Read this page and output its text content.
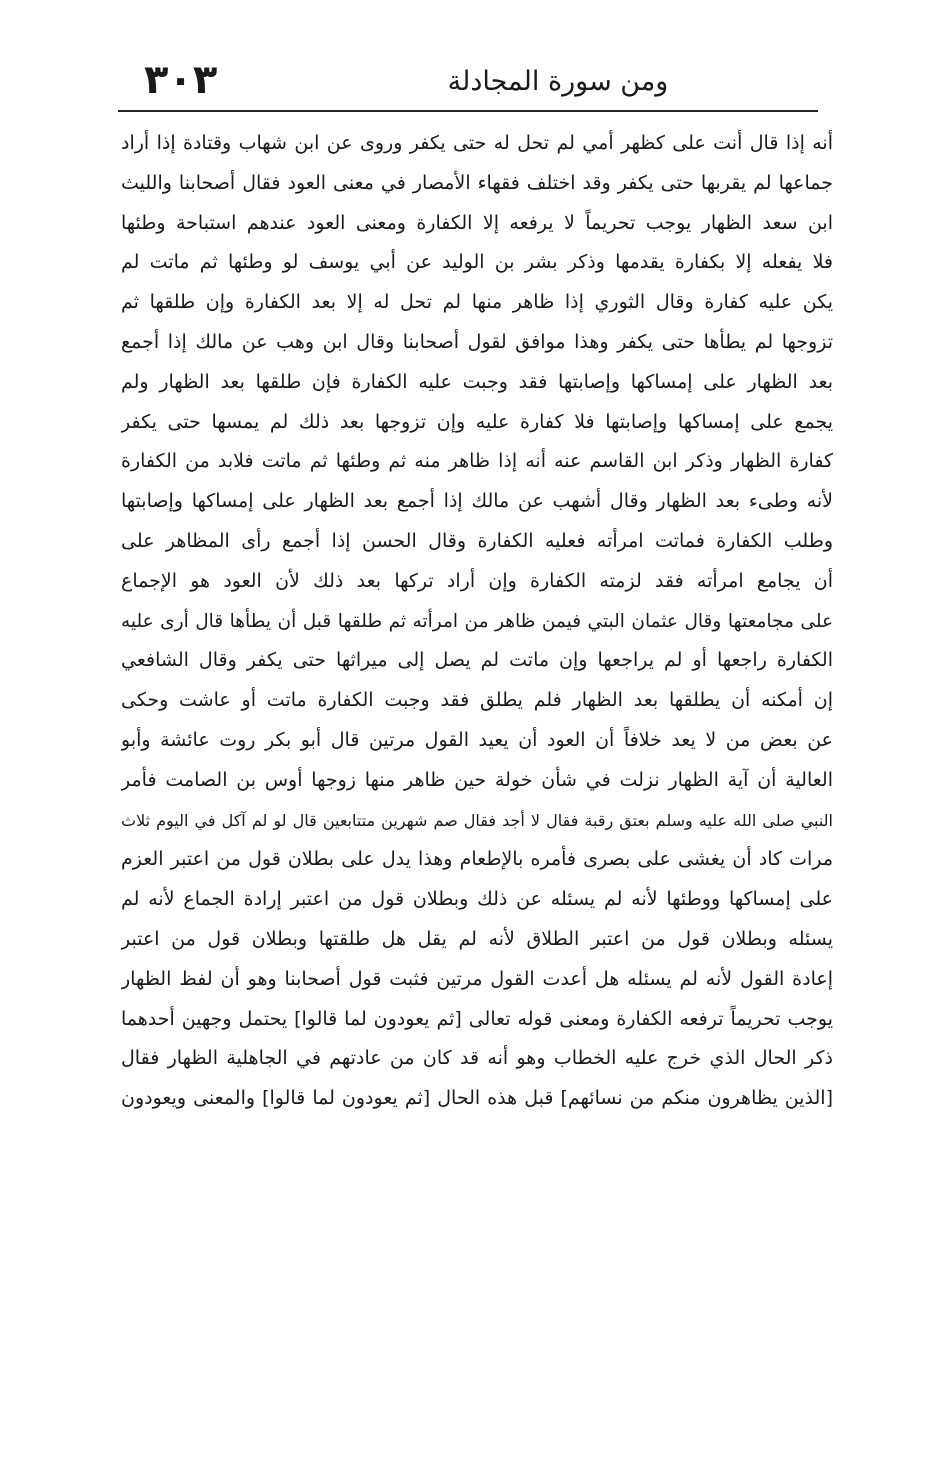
٣٠٣	ومن سورة المجادلة
أنه إذا قال أنت على كظهر أمي لم تحل له حتى يكفر وروى عن ابن شهاب وقتادة إذا أراد
جماعها لم يقربها حتى يكفر وقد اختلف فقهاء الأمصار في معنى العود فقال أصحابنا والليث
ابن سعد الظهار يوجب تحريماً لا يرفعه إلا الكفارة ومعنى العود عندهم استباحة وطئها
فلا يفعله إلا بكفارة يقدمها وذكر بشر بن الوليد عن أبي يوسف لو وطئها ثم ماتت لم
يكن عليه كفارة وقال الثوري إذا ظاهر منها لم تحل له إلا بعد الكفارة وإن طلقها ثم
تزوجها لم يطأها حتى يكفر وهذا موافق لقول أصحابنا وقال ابن وهب عن مالك إذا أجمع
بعد الظهار على إمساكها وإصابتها فقد وجبت عليه الكفارة فإن طلقها بعد الظهار ولم
يجمع على إمساكها وإصابتها فلا كفارة عليه وإن تزوجها بعد ذلك لم يمسها حتى يكفر
كفارة الظهار وذكر ابن القاسم عنه أنه إذا ظاهر منه ثم وطئها ثم ماتت فلابد من الكفارة
لأنه وطىء بعد الظهار وقال أشهب عن مالك إذا أجمع بعد الظهار على إمساكها وإصابتها
وطلب الكفارة فماتت امرأته فعليه الكفارة وقال الحسن إذا أجمع رأى المظاهر على
أن يجامع امرأته فقد لزمته الكفارة وإن أراد تركها بعد ذلك لأن العود هو الإجماع
على مجامعتها وقال عثمان البتي فيمن ظاهر من امرأته ثم طلقها قبل أن يطأها قال أرى عليه
الكفارة راجعها أو لم يراجعها وإن ماتت لم يصل إلى ميراثها حتى يكفر وقال الشافعي
إن أمكنه أن يطلقها بعد الظهار فلم يطلق فقد وجبت الكفارة ماتت أو عاشت وحكى
عن بعض من لا يعد خلافاً أن العود أن يعيد القول مرتين قال أبو بكر روت عائشة وأبو
العالية أن آية الظهار نزلت في شأن خولة حين ظاهر منها زوجها أوس بن الصامت فأمر
النبي صلى الله عليه وسلم بعتق رقبة فقال لا أجد فقال صم شهرين متتابعين قال لو لم آكل في اليوم ثلاث
مرات كاد أن يغشى على بصرى فأمره بالإطعام وهذا يدل على بطلان قول من اعتبر العزم
على إمساكها ووطئها لأنه لم يسئله عن ذلك وبطلان قول من اعتبر إرادة الجماع لأنه لم
يسئله وبطلان قول من اعتبر الطلاق لأنه لم يقل هل طلقتها وبطلان قول من اعتبر
إعادة القول لأنه لم يسئله هل أعدت القول مرتين فثبت قول أصحابنا وهو أن لفظ الظهار
يوجب تحريماً ترفعه الكفارة ومعنى قوله تعالى [ثم يعودون لما قالوا] يحتمل وجهين أحدهما
ذكر الحال الذي خرج عليه الخطاب وهو أنه قد كان من عادتهم في الجاهلية الظهار فقال
[الذين يظاهرون منكم من نسائهم] قبل هذه الحال [ثم يعودون لما قالوا] والمعنى ويعودون
